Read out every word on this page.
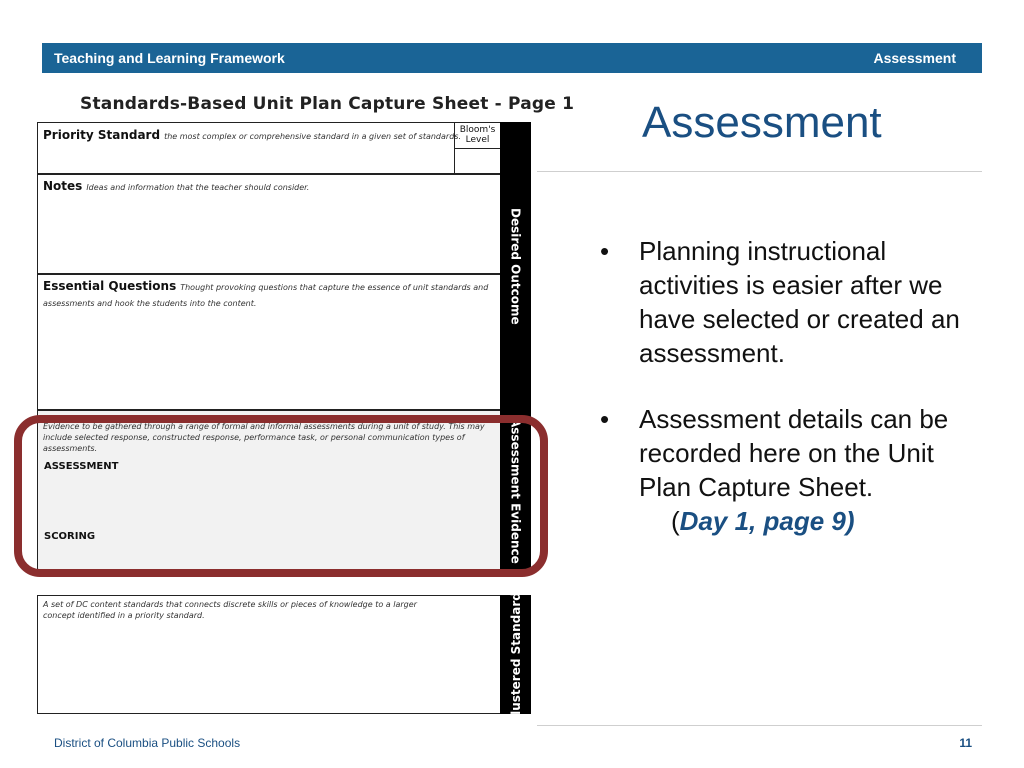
Teaching and Learning Framework	Assessment
Standards-Based Unit Plan Capture Sheet - Page 1
Priority Standard the most complex or comprehensive standard in a given set of standards.
Bloom's Level
Notes Ideas and information that the teacher should consider.
Essential Questions Thought provoking questions that capture the essence of unit standards and assessments and hook the students into the content.	Desired Outcome
Evidence to be gathered through a range of formal and informal assessments during a unit of study. This may include selected response, constructed response, performance task, or personal communication types of assessments.
ASSESSMENT
SCORING	Assessment Evidence
A set of DC content standards that connects discrete skills or pieces of knowledge to a larger concept identified in a priority standard.	Clustered Standards
Assessment
• Planning instructional activities is easier after we have selected or created an assessment.
• Assessment details can be recorded here on the Unit Plan Capture Sheet.
(Day 1, page 9)
District of Columbia Public Schools	11
